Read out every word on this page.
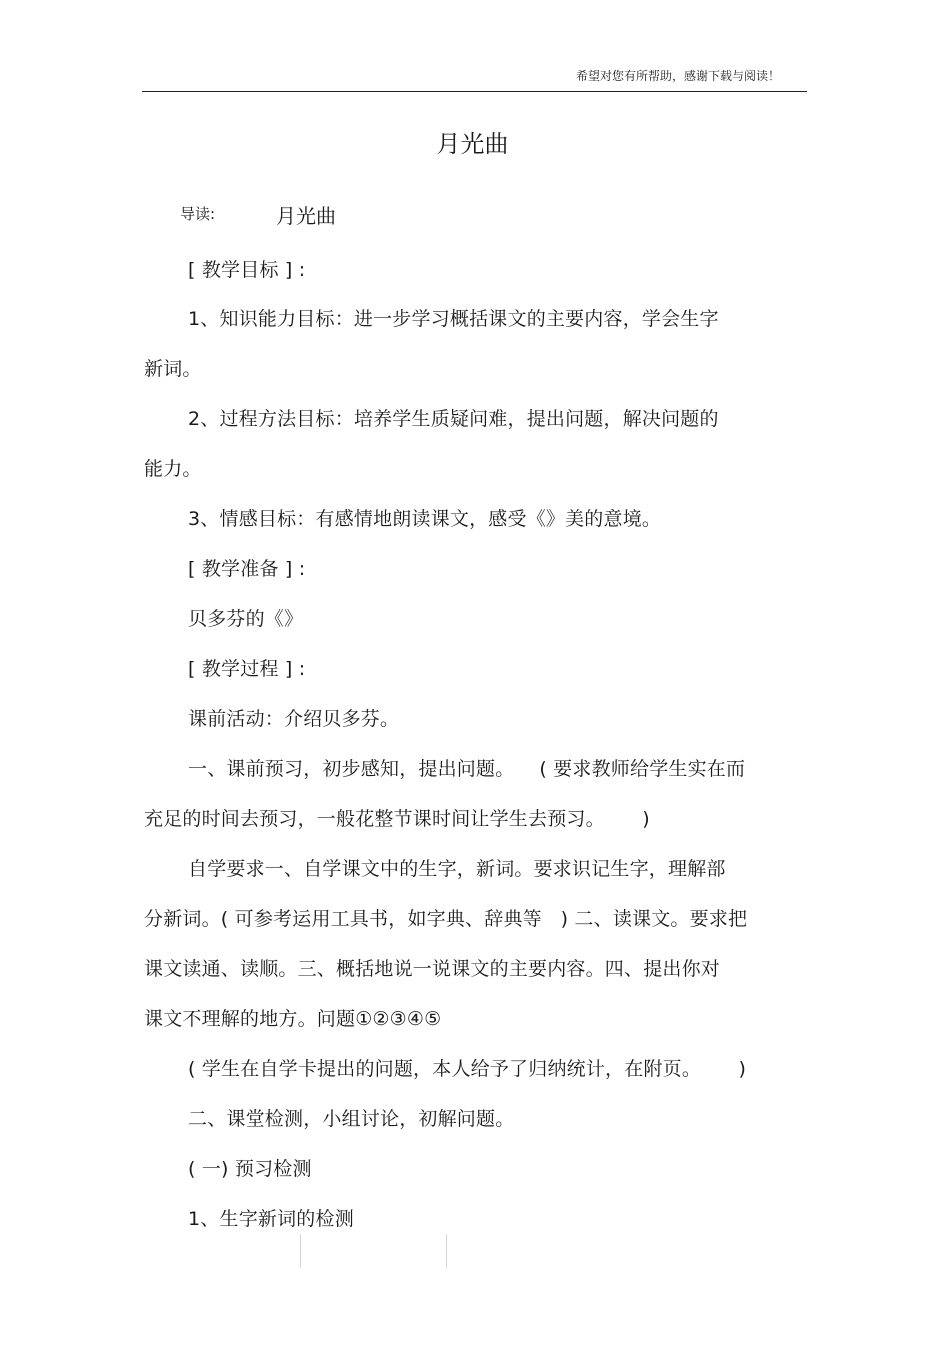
希望对您有所帮助，感谢下载与阅读！
月光曲
导读:	月光曲
[ 教学目标 ] :
1、知识能力目标：进一步学习概括课文的主要内容，学会生字
新词。
2、过程方法目标：培养学生质疑问难，提出问题，解决问题的
能力。
3、情感目标：有感情地朗读课文，感受《》美的意境。
[ 教学准备 ] :
贝多芬的《》
[ 教学过程 ] :
课前活动：介绍贝多芬。
一、课前预习，初步感知，提出问题。    ( 要求教师给学生实在而
充足的时间去预习，一般花整节课时间让学生去预习。      )
自学要求一、自学课文中的生字，新词。要求识记生字，理解部
分新词。( 可参考运用工具书，如字典、辞典等   ) 二、读课文。要求把
课文读通、读顺。三、概括地说一说课文的主要内容。四、提出你对
课文不理解的地方。问题①②③④⑤
( 学生在自学卡提出的问题，本人给予了归纳统计，在附页。      )
二、课堂检测，小组讨论，初解问题。
( 一) 预习检测
1、生字新词的检测
